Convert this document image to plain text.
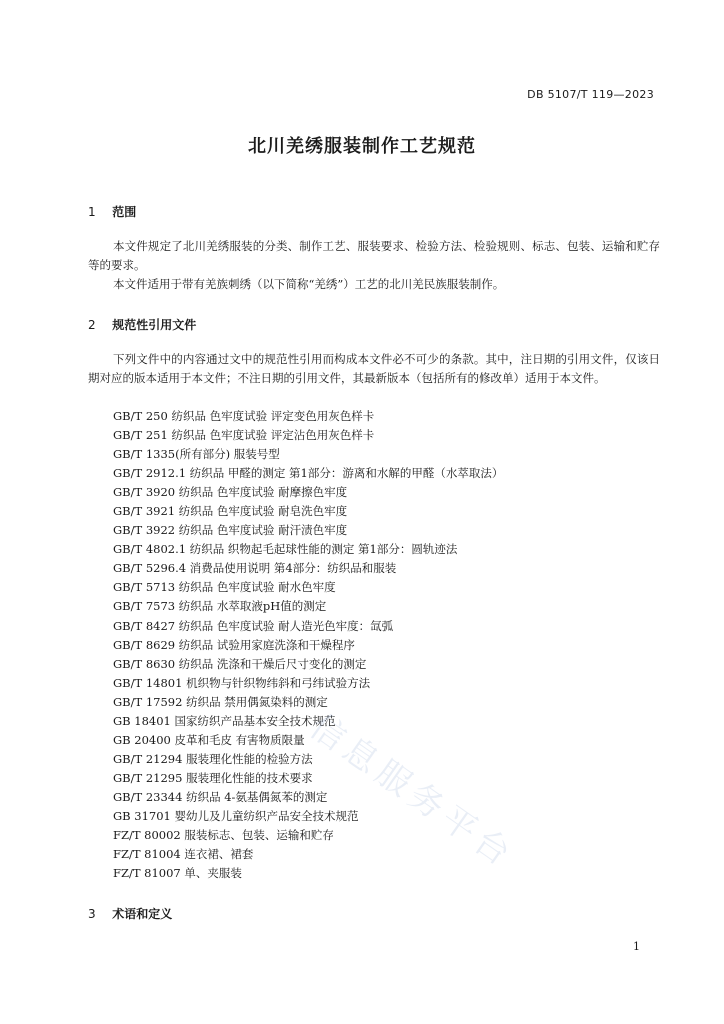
DB 5107/T 119—2023
北川羌绣服装制作工艺规范
1 范围

本文件规定了北川羌绣服装的分类、制作工艺、服装要求、检验方法、检验规则、标志、包装、运输和贮存等的要求。

本文件适用于带有羌族刺绣（以下简称“羌绣”）工艺的北川羌民族服装制作。

2 规范性引用文件

下列文件中的内容通过文中的规范性引用而构成本文件必不可少的条款。其中，注日期的引用文件，仅该日期对应的版本适用于本文件；不注日期的引用文件，其最新版本（包括所有的修改单）适用于本文件。

GB/T 250 纺织品 色牢度试验 评定变色用灰色样卡
GB/T 251 纺织品 色牢度试验 评定沾色用灰色样卡
GB/T 1335(所有部分) 服装号型
GB/T 2912.1 纺织品 甲醛的测定 第1部分：游离和水解的甲醛（水萃取法）
GB/T 3920 纺织品 色牢度试验 耐摩擦色牢度
GB/T 3921 纺织品 色牢度试验 耐皂洗色牢度
GB/T 3922 纺织品 色牢度试验 耐汗渍色牢度
GB/T 4802.1 纺织品 织物起毛起球性能的测定 第1部分：圆轨迹法
GB/T 5296.4 消费品使用说明 第4部分：纺织品和服装
GB/T 5713 纺织品 色牢度试验 耐水色牢度
GB/T 7573 纺织品 水萃取液pH值的测定
GB/T 8427 纺织品 色牢度试验 耐人造光色牢度：氙弧
GB/T 8629 纺织品 试验用家庭洗涤和干燥程序
GB/T 8630 纺织品 洗涤和干燥后尺寸变化的测定
GB/T 14801 机织物与针织物纬斜和弓纬试验方法
GB/T 17592 纺织品 禁用偶氮染料的测定
GB 18401 国家纺织产品基本安全技术规范
GB 20400 皮革和毛皮 有害物质限量
GB/T 21294 服装理化性能的检验方法
GB/T 21295 服装理化性能的技术要求
GB/T 23344 纺织品 4-氨基偶氮苯的测定
GB 31701 婴幼儿及儿童纺织产品安全技术规范
FZ/T 80002 服装标志、包装、运输和贮存
FZ/T 81004 连衣裙、裙套
FZ/T 81007 单、夹服装
3 术语和定义
1
信息服务平台
